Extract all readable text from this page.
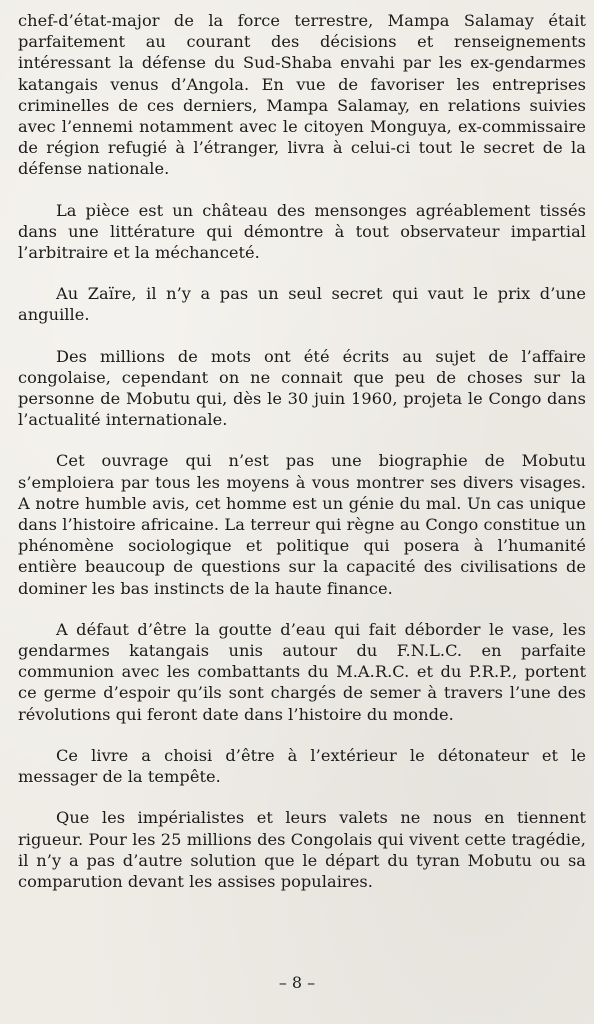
chef-d’état-major de la force terrestre, Mampa Salamay était parfaitement au courant des décisions et renseignements intéressant la défense du Sud-Shaba envahi par les ex-gendarmes katangais venus d’Angola. En vue de favoriser les entreprises criminelles de ces derniers, Mampa Salamay, en relations suivies avec l’ennemi notamment avec le citoyen Monguya, ex-commissaire de région refugié à l’étranger, livra à celui-ci tout le secret de la défense nationale.

La pièce est un château des mensonges agréablement tissés dans une littérature qui démontre à tout observateur impartial l’arbitraire et la méchanceté.

Au Zaïre, il n’y a pas un seul secret qui vaut le prix d’une anguille.

Des millions de mots ont été écrits au sujet de l’affaire congolaise, cependant on ne connait que peu de choses sur la personne de Mobutu qui, dès le 30 juin 1960, projeta le Congo dans l’actualité internationale.

Cet ouvrage qui n’est pas une biographie de Mobutu s’emploiera par tous les moyens à vous montrer ses divers visages. A notre humble avis, cet homme est un génie du mal. Un cas unique dans l’histoire africaine. La terreur qui règne au Congo constitue un phénomène sociologique et politique qui posera à l’humanité entière beaucoup de questions sur la capacité des civilisations de dominer les bas instincts de la haute finance.

A défaut d’être la goutte d’eau qui fait déborder le vase, les gendarmes katangais unis autour du F.N.L.C. en parfaite communion avec les combattants du M.A.R.C. et du P.R.P., portent ce germe d’espoir qu’ils sont chargés de semer à travers l’une des révolutions qui feront date dans l’histoire du monde.

Ce livre a choisi d’être à l’extérieur le détonateur et le messager de la tempête.

Que les impérialistes et leurs valets ne nous en tiennent rigueur. Pour les 25 millions des Congolais qui vivent cette tragédie, il n’y a pas d’autre solution que le départ du tyran Mobutu ou sa comparution devant les assises populaires.

– 8 –
